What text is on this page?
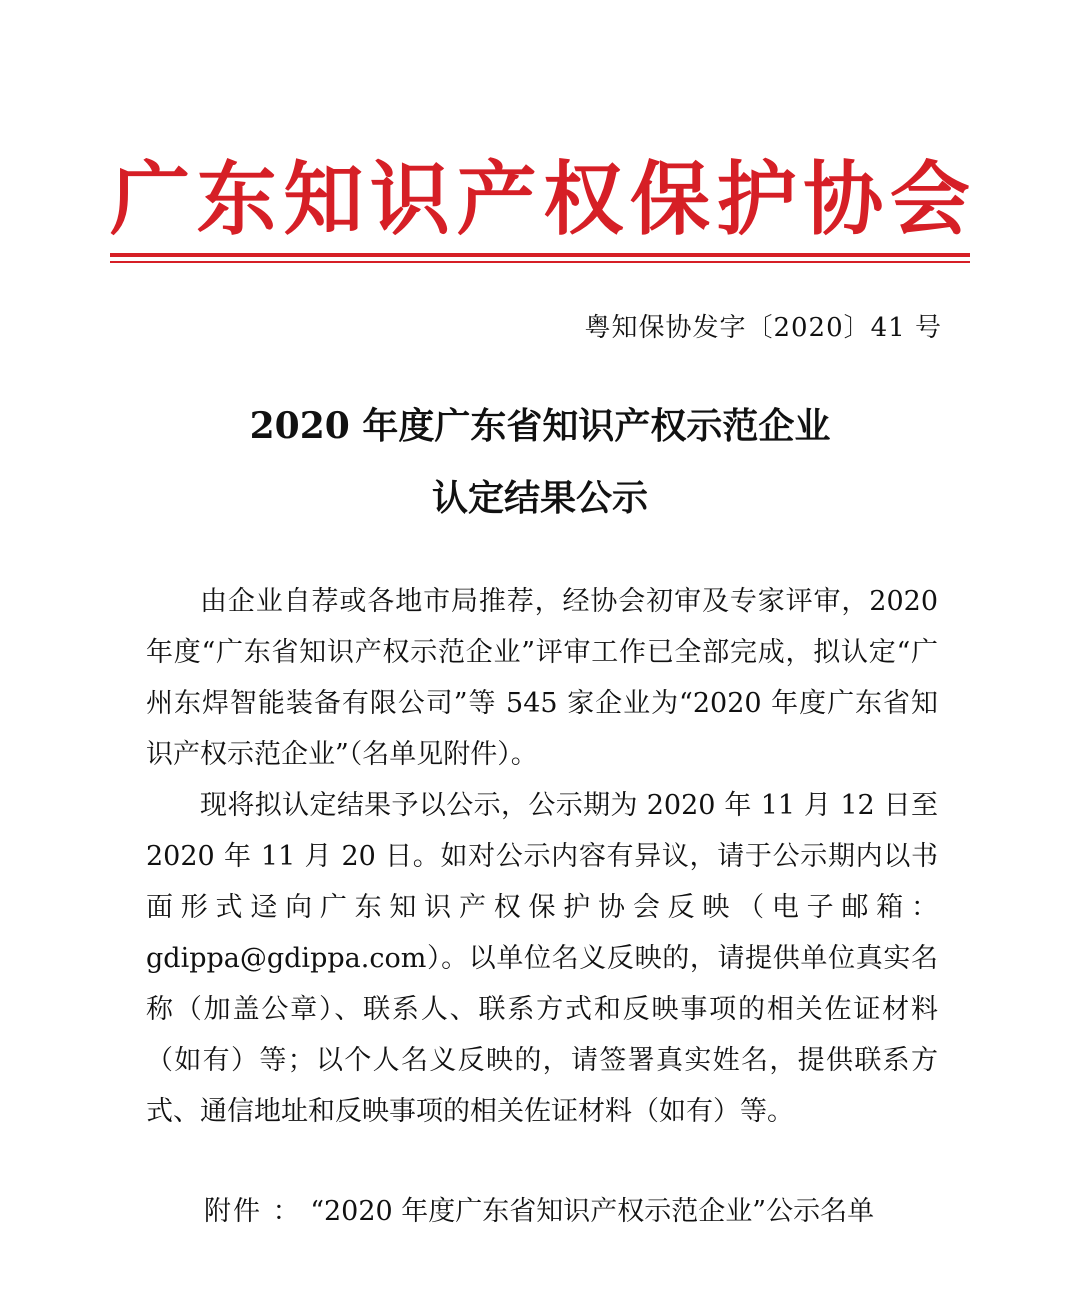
广 东 知 识 产 权 保 护 协 会
粤知保协发字〔2020〕41 号
2020 年度广东省知识产权示范企业
认定结果公示

由企业自荐或各地市局推荐，经协会初审及专家评审，2020 年度“广东省知识产权示范企业”评审工作已全部完成，拟认定“广州东焊智能装备有限公司”等 545 家企业为“2020 年度广东省知识产权示范企业”（名单见附件）。

现将拟认定结果予以公示，公示期为 2020 年 11 月 12 日至 2020 年 11 月 20 日。如对公示内容有异议，请于公示期内以书面形式迳向广东知识产权保护协会反映（电子邮箱：gdippa@gdippa.com）。以单位名义反映的，请提供单位真实名称（加盖公章）、联系人、联系方式和反映事项的相关佐证材料（如有）等；以个人名义反映的，请签署真实姓名，提供联系方式、通信地址和反映事项的相关佐证材料（如有）等。

附件 ： “2020 年度广东省知识产权示范企业”公示名单
